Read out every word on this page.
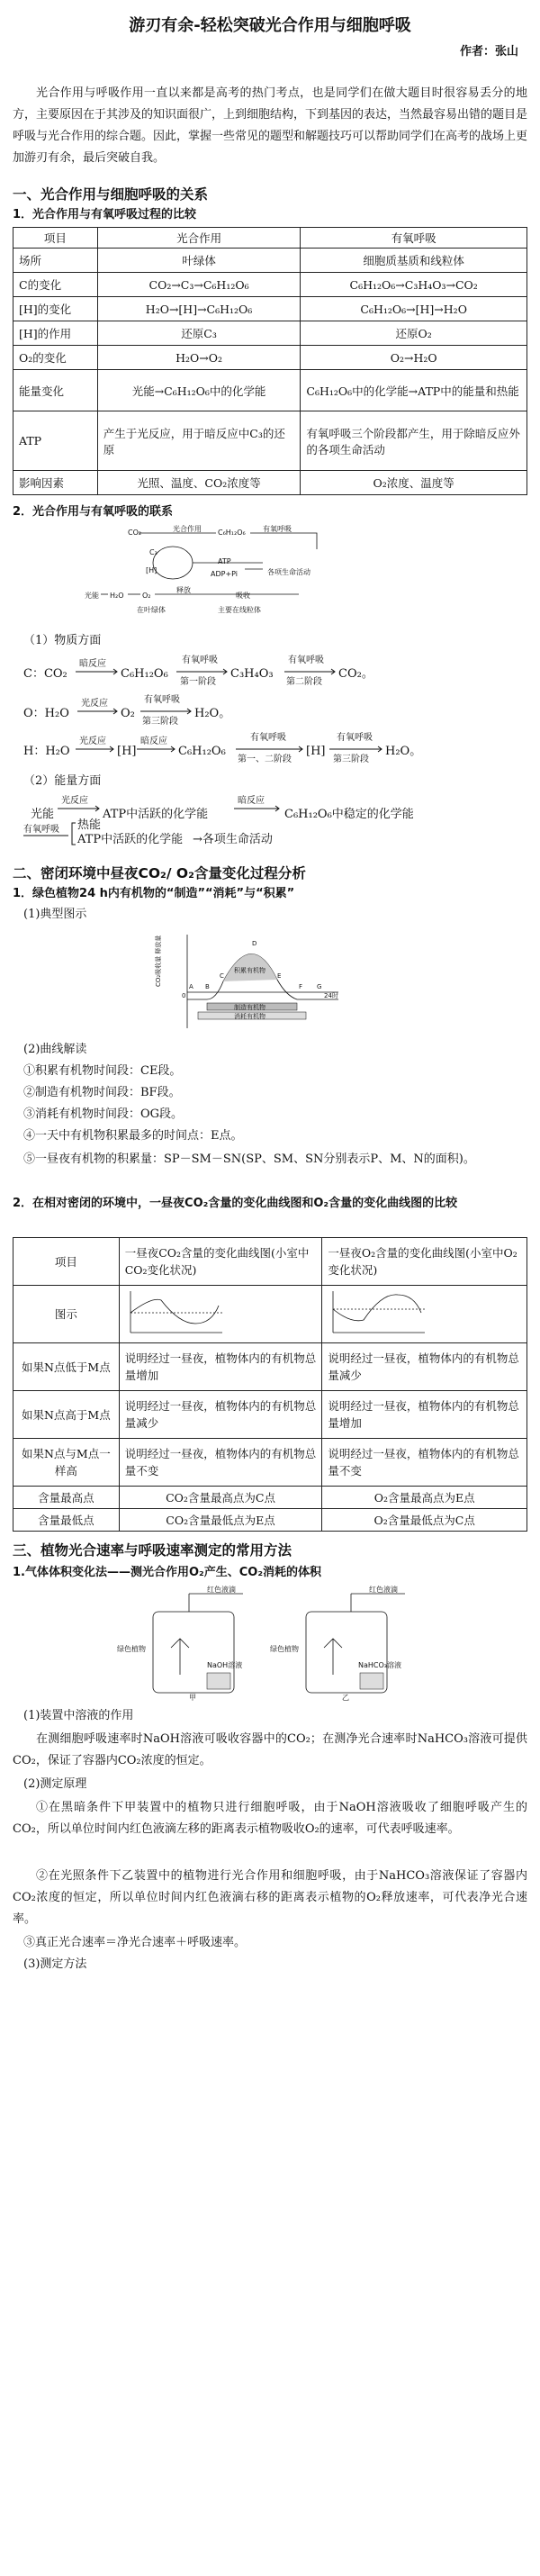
游刃有余-轻松突破光合作用与细胞呼吸
作者：张山
光合作用与呼吸作用一直以来都是高考的热门考点，也是同学们在做大题目时很容易丢分的地方，主要原因在于其涉及的知识面很广，上到细胞结构，下到基因的表达，当然最容易出错的题目是呼吸与光合作用的综合题。因此，掌握一些常见的题型和解题技巧可以帮助同学们在高考的战场上更加游刃有余，最后突破自我。
一、光合作用与细胞呼吸的关系
1．光合作用与有氧呼吸过程的比较
项目	光合作用	有氧呼吸
场所	叶绿体	细胞质基质和线粒体
C的变化	CO₂→C₃→C₆H₁₂O₆	C₆H₁₂O₆→C₃H₄O₃→CO₂
[H]的变化	H₂O→[H]→C₆H₁₂O₆	C₆H₁₂O₆→[H]→H₂O
[H]的作用	还原C₃	还原O₂
O₂的变化	H₂O→O₂	O₂→H₂O
能量变化	光能→C₆H₁₂O₆中的化学能	C₆H₁₂O₆中的化学能→ATP中的能量和热能
ATP	产生于光反应，用于暗反应中C₃的还原	有氧呼吸三个阶段都产生，用于除暗反应外的各项生命活动
影响因素	光照、温度、CO₂浓度等	O₂浓度、温度等
2．光合作用与有氧呼吸的联系
CO₂	光合作用 C₆H₁₂O₆ 有氧呼吸
C₃
[H]
ATP
ADP+Pi	各项生命活动
光能 H₂O	O₂
释放
吸收
在叶绿体	主要在线粒体
（1）物质方面
C：CO₂
暗反应
C₆H₁₂O₆
有氧呼吸
第一阶段
C₃H₄O₃
有氧呼吸
第二阶段
CO₂。
O：H₂O
光反应
O₂
有氧呼吸
第三阶段
H₂O。
H：H₂O
光反应
[H]
暗反应
C₆H₁₂O₆
有氧呼吸
第一、二阶段
[H]
有氧呼吸
第三阶段
H₂O。
（2）能量方面
光能
光反应
ATP中活跃的化学能
暗反应
C₆H₁₂O₆中稳定的化学能
有氧呼吸 热能
ATP中活跃的化学能 →各项生命活动
二、密闭环境中昼夜CO₂/ O₂含量变化过程分析
1．绿色植物24 h内有机物的“制造”“消耗”与“积累”
(1)典型图示
CO₂吸收量 释放量	A B
C
D
E
F G
0	24时
积累有机物
制造有机物
消耗有机物
(2)曲线解读
①积累有机物时间段：CE段。
②制造有机物时间段：BF段。
③消耗有机物时间段：OG段。
④一天中有机物积累最多的时间点：E点。
⑤一昼夜有机物的积累量：SP－SM－SN(SP、SM、SN分别表示P、M、N的面积)。
2．在相对密闭的环境中，一昼夜CO₂含量的变化曲线图和O₂含量的变化曲线图的比较
项目	一昼夜CO₂含量的变化曲线图(小室中CO₂变化状况)	一昼夜O₂含量的变化曲线图(小室中O₂变化状况)
图示		
如果N点低于M点	说明经过一昼夜，植物体内的有机物总量增加	说明经过一昼夜，植物体内的有机物总量减少
如果N点高于M点	说明经过一昼夜，植物体内的有机物总量减少	说明经过一昼夜，植物体内的有机物总量增加
如果N点与M点一样高	说明经过一昼夜，植物体内的有机物总量不变	说明经过一昼夜，植物体内的有机物总量不变
含量最高点	CO₂含量最高点为C点	O₂含量最高点为E点
含量最低点	CO₂含量最低点为E点	O₂含量最低点为C点
三、植物光合速率与呼吸速率测定的常用方法
1.气体体积变化法——测光合作用O₂产生、CO₂消耗的体积
红色液滴	红色液滴
绿色植物	绿色植物
NaOH溶液	NaHCO₃溶液
甲	乙
(1)装置中溶液的作用
在测细胞呼吸速率时NaOH溶液可吸收容器中的CO₂；在测净光合速率时NaHCO₃溶液可提供CO₂，保证了容器内CO₂浓度的恒定。
(2)测定原理
①在黑暗条件下甲装置中的植物只进行细胞呼吸，由于NaOH溶液吸收了细胞呼吸产生的CO₂，所以单位时间内红色液滴左移的距离表示植物吸收O₂的速率，可代表呼吸速率。
②在光照条件下乙装置中的植物进行光合作用和细胞呼吸，由于NaHCO₃溶液保证了容器内CO₂浓度的恒定，所以单位时间内红色液滴右移的距离表示植物的O₂释放速率，可代表净光合速率。
③真正光合速率＝净光合速率＋呼吸速率。
(3)测定方法
